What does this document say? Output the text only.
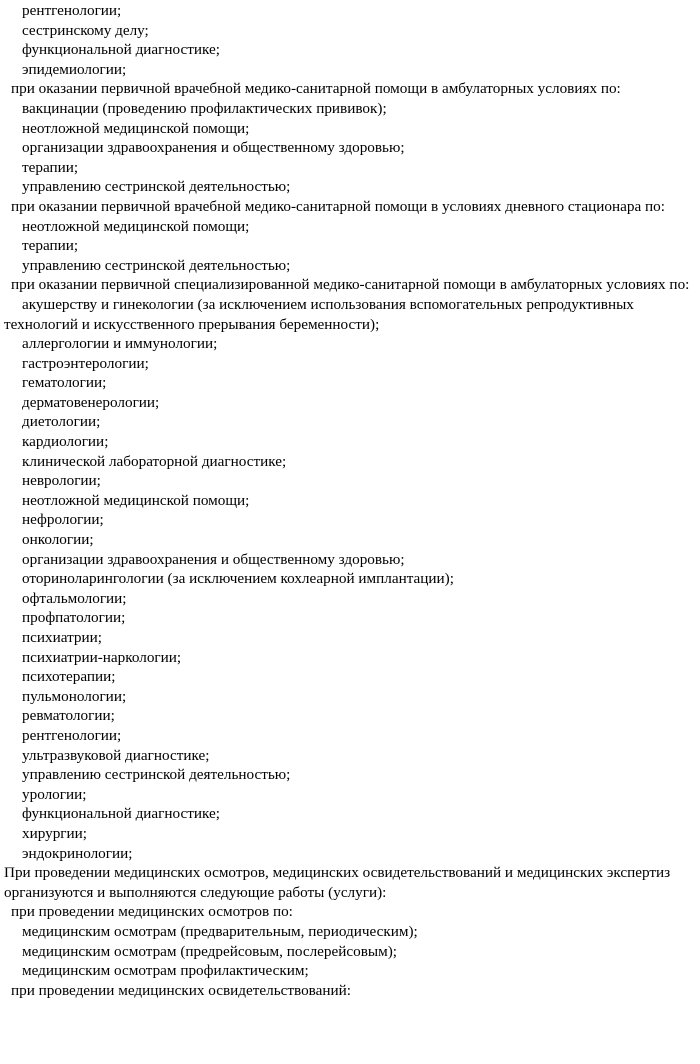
рентгенологии;
сестринскому делу;
функциональной диагностике;
эпидемиологии;
при оказании первичной врачебной медико-санитарной помощи в амбулаторных условиях по:
вакцинации (проведению профилактических прививок);
неотложной медицинской помощи;
организации здравоохранения и общественному здоровью;
терапии;
управлению сестринской деятельностью;
при оказании первичной врачебной медико-санитарной помощи в условиях дневного стационара по:
неотложной медицинской помощи;
терапии;
управлению сестринской деятельностью;
при оказании первичной специализированной медико-санитарной помощи в амбулаторных условиях по:
акушерству и гинекологии (за исключением использования вспомогательных репродуктивных технологий и искусственного прерывания беременности);
аллергологии и иммунологии;
гастроэнтерологии;
гематологии;
дерматовенерологии;
диетологии;
кардиологии;
клинической лабораторной диагностике;
неврологии;
неотложной медицинской помощи;
нефрологии;
онкологии;
организации здравоохранения и общественному здоровью;
оториноларингологии (за исключением кохлеарной имплантации);
офтальмологии;
профпатологии;
психиатрии;
психиатрии-наркологии;
психотерапии;
пульмонологии;
ревматологии;
рентгенологии;
ультразвуковой диагностике;
управлению сестринской деятельностью;
урологии;
функциональной диагностике;
хирургии;
эндокринологии;
При проведении медицинских осмотров, медицинских освидетельствований и медицинских экспертиз организуются и выполняются следующие работы (услуги):
при проведении медицинских осмотров по:
медицинским осмотрам (предварительным, периодическим);
медицинским осмотрам (предрейсовым, послерейсовым);
медицинским осмотрам профилактическим;
при проведении медицинских освидетельствований:
